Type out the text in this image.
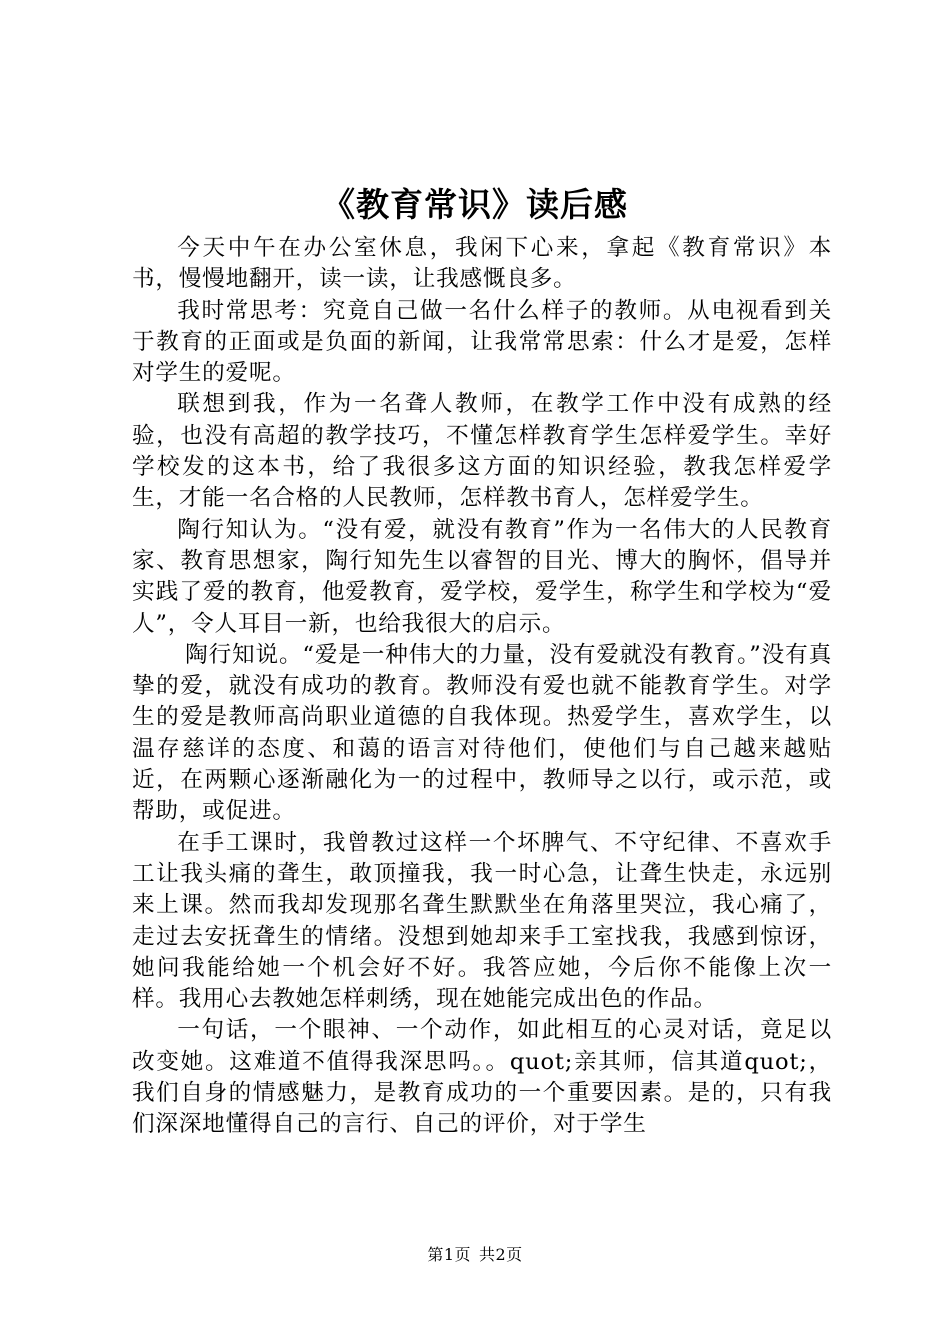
《教育常识》读后感

今天中午在办公室休息，我闲下心来，拿起《教育常识》本书，慢慢地翻开，读一读，让我感慨良多。

我时常思考：究竟自己做一名什么样子的教师。从电视看到关于教育的正面或是负面的新闻，让我常常思索：什么才是爱，怎样对学生的爱呢。

联想到我，作为一名聋人教师，在教学工作中没有成熟的经验，也没有高超的教学技巧，不懂怎样教育学生怎样爱学生。幸好学校发的这本书，给了我很多这方面的知识经验，教我怎样爱学生，才能一名合格的人民教师，怎样教书育人，怎样爱学生。

陶行知认为。“没有爱，就没有教育”作为一名伟大的人民教育家、教育思想家，陶行知先生以睿智的目光、博大的胸怀，倡导并实践了爱的教育，他爱教育，爱学校，爱学生，称学生和学校为“爱人”，令人耳目一新，也给我很大的启示。

陶行知说。“爱是一种伟大的力量，没有爱就没有教育。”没有真挚的爱，就没有成功的教育。教师没有爱也就不能教育学生。对学生的爱是教师高尚职业道德的自我体现。热爱学生，喜欢学生，以温存慈详的态度、和蔼的语言对待他们，使他们与自己越来越贴近，在两颗心逐渐融化为一的过程中，教师导之以行，或示范，或帮助，或促进。

在手工课时，我曾教过这样一个坏脾气、不守纪律、不喜欢手工让我头痛的聋生，敢顶撞我，我一时心急，让聋生快走，永远别来上课。然而我却发现那名聋生默默坐在角落里哭泣，我心痛了，走过去安抚聋生的情绪。没想到她却来手工室找我，我感到惊讶，她问我能给她一个机会好不好。我答应她，今后你不能像上次一样。我用心去教她怎样刺绣，现在她能完成出色的作品。

一句话，一个眼神、一个动作，如此相互的心灵对话，竟足以改变她。这难道不值得我深思吗。。quot;亲其师，信其道quot;，我们自身的情感魅力，是教育成功的一个重要因素。是的，只有我们深深地懂得自己的言行、自己的评价，对于学生

第1页 共2页
